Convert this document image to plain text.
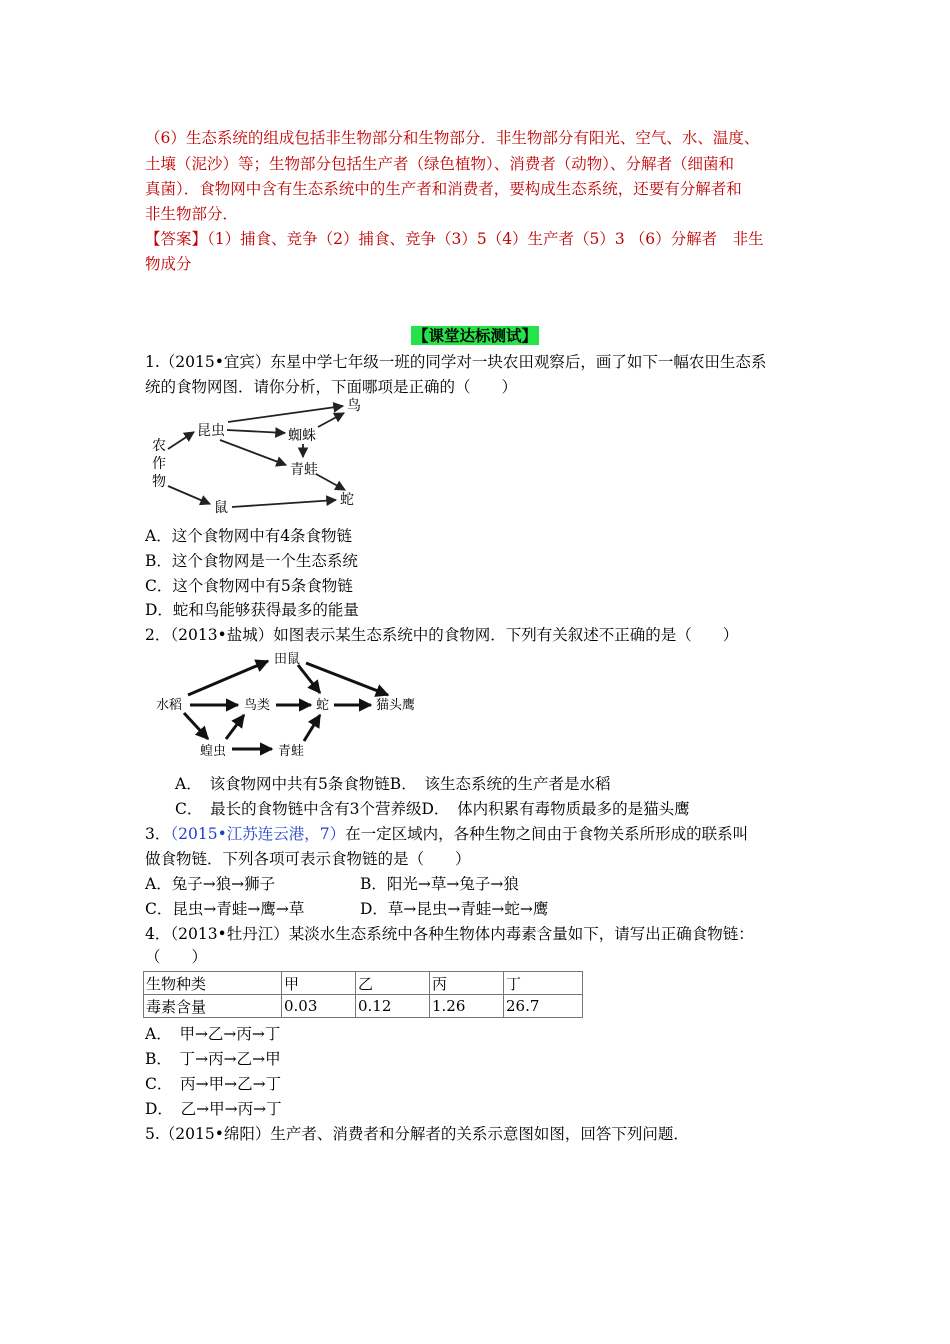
（6）生态系统的组成包括非生物部分和生物部分．非生物部分有阳光、空气、水、温度、
土壤（泥沙）等；生物部分包括生产者（绿色植物）、消费者（动物）、分解者（细菌和
真菌）．食物网中含有生态系统中的生产者和消费者，要构成生态系统，还要有分解者和
非生物部分．
【答案】（1）捕食、竞争（2）捕食、竞争（3）5（4）生产者（5）3 （6）分解者　非生
物成分
【课堂达标测试】
1.（2015•宜宾）东星中学七年级一班的同学对一块农田观察后，画了如下一幅农田生态系
统的食物网图．请你分析，下面哪项是正确的（　　）
农
作
物
昆虫
鸟
蜘蛛
青蛙
鼠	蛇
A．这个食物网中有4条食物链
B．这个食物网是一个生态系统
C．这个食物网中有5条食物链
D．蛇和鸟能够获得最多的能量
2．（2013•盐城）如图表示某生态系统中的食物网．下列有关叙述不正确的是（　　）
水稻
田鼠
鸟类	蛇	猫头鹰
蝗虫	青蛙
A．　该食物网中共有5条食物链B．　该生态系统的生产者是水稻
C．　最长的食物链中含有3个营养级D．　体内积累有毒物质最多的是猫头鹰
3．（2015•江苏连云港，7）在一定区域内，各种生物之间由于食物关系所形成的联系叫
做食物链．下列各项可表示食物链的是（　　）
A．兔子→狼→狮子	B．阳光→草→兔子→狼
C．昆虫→青蛙→鹰→草	D．草→昆虫→青蛙→蛇→鹰
4．（2013•牡丹江）某淡水生态系统中各种生物体内毒素含量如下，请写出正确食物链：
（　　）
生物种类	甲	乙	丙	丁
毒素含量	0.03	0.12	1.26	26.7
A．　甲→乙→丙→丁
B．　丁→丙→乙→甲
C．　丙→甲→乙→丁
D．　乙→甲→丙→丁
5.（2015•绵阳）生产者、消费者和分解者的关系示意图如图，回答下列问题．
